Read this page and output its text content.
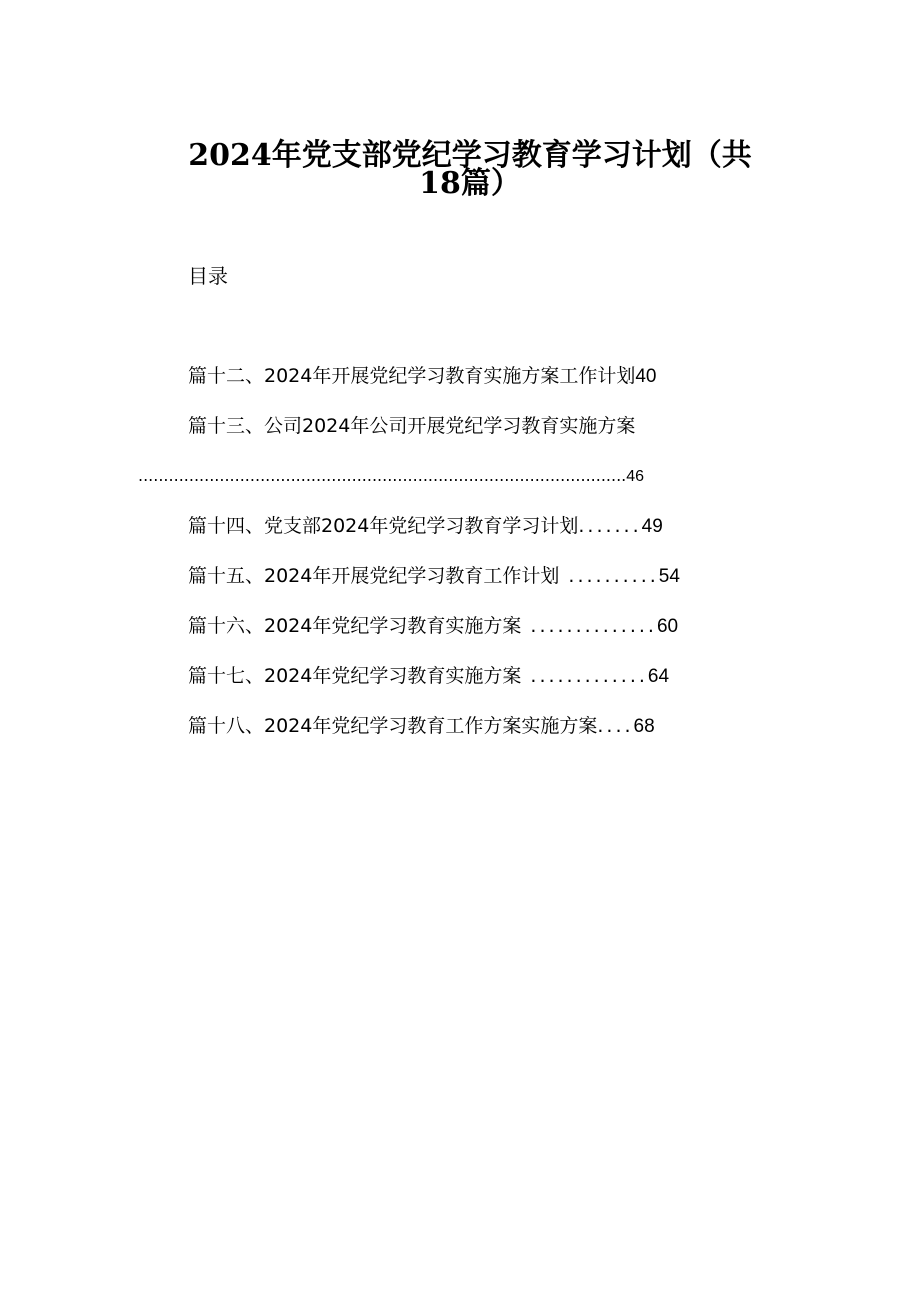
2024年党支部党纪学习教育学习计划（共
18篇）
目录
篇十二、2024年开展党纪学习教育实施方案工作计划40
篇十三、公司2024年公司开展党纪学习教育实施方案
................................................................................................46
篇十四、党支部2024年党纪学习教育学习计划.......49
篇十五、2024年开展党纪学习教育工作计划 ..........54
篇十六、2024年党纪学习教育实施方案 ..............60
篇十七、2024年党纪学习教育实施方案 .............64
篇十八、2024年党纪学习教育工作方案实施方案....68
